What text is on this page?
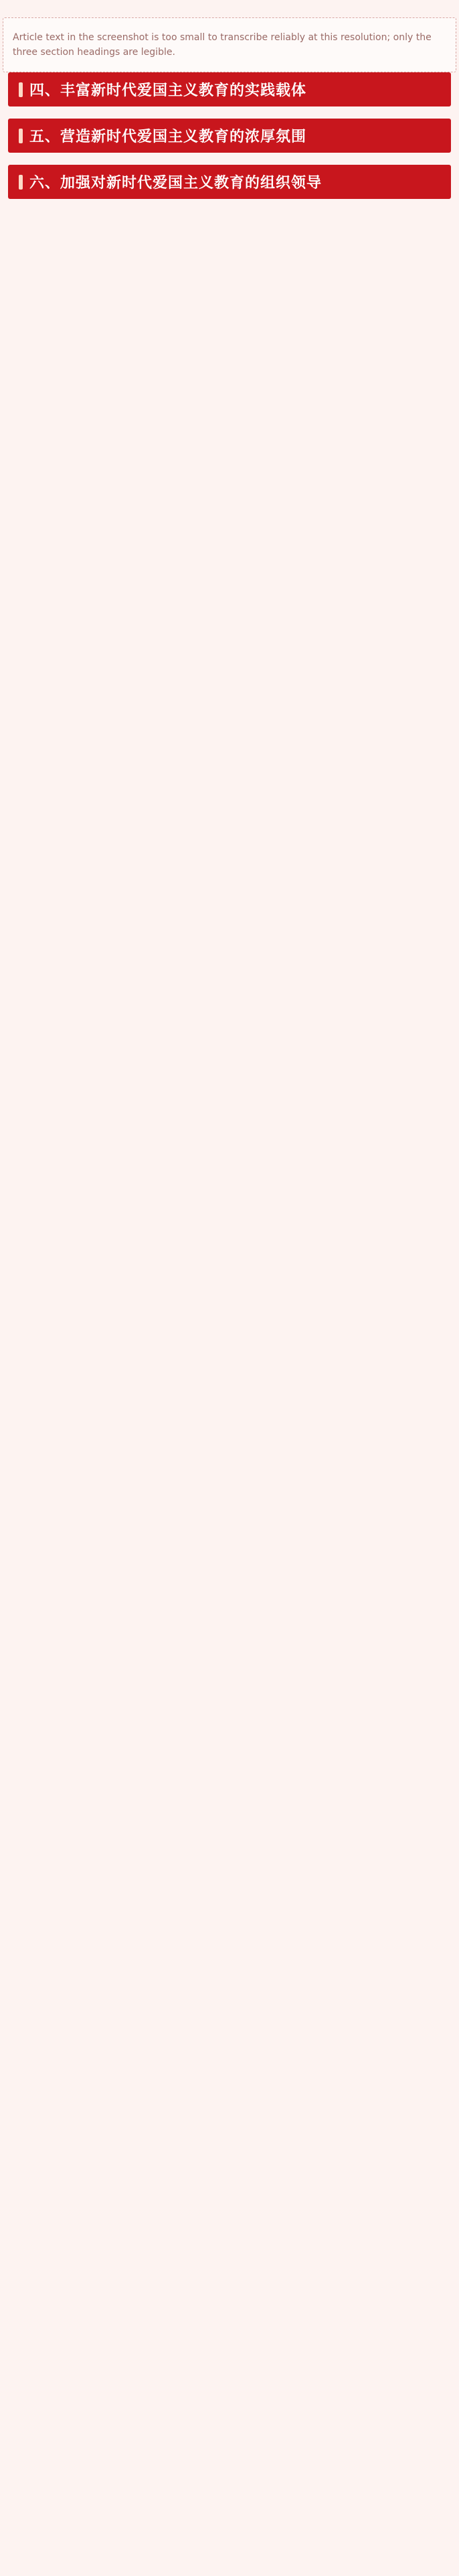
Article text in the screenshot is too small to transcribe reliably at this resolution; only the three section headings are legible.
四、丰富新时代爱国主义教育的实践载体
五、营造新时代爱国主义教育的浓厚氛围
六、加强对新时代爱国主义教育的组织领导
